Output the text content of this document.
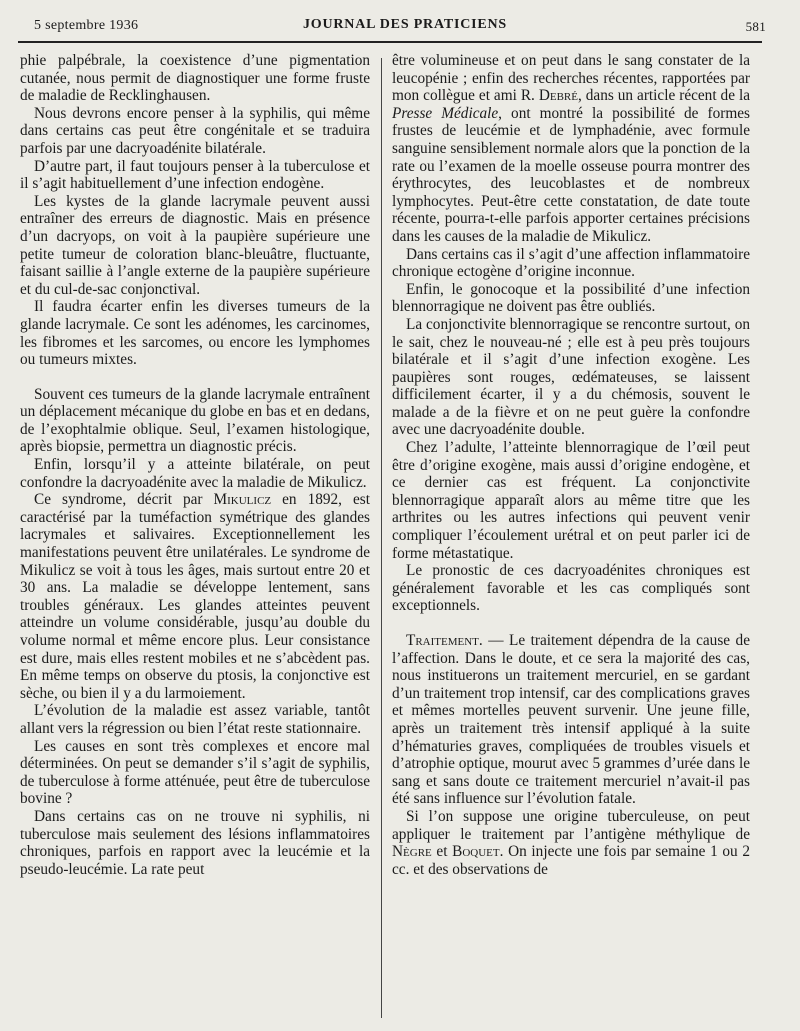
5 septembre 1936	JOURNAL DES PRATICIENS	581

phie palpébrale, la coexistence d’une pigmentation cutanée, nous permit de diagnostiquer une forme fruste de maladie de Recklinghausen.

Nous devrons encore penser à la syphilis, qui même dans certains cas peut être congénitale et se traduira parfois par une dacryoadénite bilatérale.

D’autre part, il faut toujours penser à la tuberculose et il s’agit habituellement d’une infection endogène.

Les kystes de la glande lacrymale peuvent aussi entraîner des erreurs de diagnostic. Mais en présence d’un dacryops, on voit à la paupière supérieure une petite tumeur de coloration blanc-bleuâtre, fluctuante, faisant saillie à l’angle externe de la paupière supérieure et du cul-de-sac conjonctival.

Il faudra écarter enfin les diverses tumeurs de la glande lacrymale. Ce sont les adénomes, les carcinomes, les fibromes et les sarcomes, ou encore les lymphomes ou tumeurs mixtes.

Souvent ces tumeurs de la glande lacrymale entraînent un déplacement mécanique du globe en bas et en dedans, de l’exophtalmie oblique. Seul, l’examen histologique, après biopsie, permettra un diagnostic précis.

Enfin, lorsqu’il y a atteinte bilatérale, on peut confondre la dacryoadénite avec la maladie de Mikulicz.

Ce syndrome, décrit par Mikulicz en 1892, est caractérisé par la tuméfaction symétrique des glandes lacrymales et salivaires. Exceptionnellement les manifestations peuvent être unilatérales. Le syndrome de Mikulicz se voit à tous les âges, mais surtout entre 20 et 30 ans. La maladie se développe lentement, sans troubles généraux. Les glandes atteintes peuvent atteindre un volume considérable, jusqu’au double du volume normal et même encore plus. Leur consistance est dure, mais elles restent mobiles et ne s’abcèdent pas. En même temps on observe du ptosis, la conjonctive est sèche, ou bien il y a du larmoiement.

L’évolution de la maladie est assez variable, tantôt allant vers la régression ou bien l’état reste stationnaire.

Les causes en sont très complexes et encore mal déterminées. On peut se demander s’il s’agit de syphilis, de tuberculose à forme atténuée, peut être de tuberculose bovine ?

Dans certains cas on ne trouve ni syphilis, ni tuberculose mais seulement des lésions inflammatoires chroniques, parfois en rapport avec la leucémie et la pseudo-leucémie. La rate peut

être volumineuse et on peut dans le sang constater de la leucopénie ; enfin des recherches récentes, rapportées par mon collègue et ami R. Debré, dans un article récent de la Presse Médicale, ont montré la possibilité de formes frustes de leucémie et de lymphadénie, avec formule sanguine sensiblement normale alors que la ponction de la rate ou l’examen de la moelle osseuse pourra montrer des érythrocytes, des leucoblastes et de nombreux lymphocytes. Peut-être cette constatation, de date toute récente, pourra-t-elle parfois apporter certaines précisions dans les causes de la maladie de Mikulicz.

Dans certains cas il s’agit d’une affection inflammatoire chronique ectogène d’origine inconnue.

Enfin, le gonocoque et la possibilité d’une infection blennorragique ne doivent pas être oubliés.

La conjonctivite blennorragique se rencontre surtout, on le sait, chez le nouveau-né ; elle est à peu près toujours bilatérale et il s’agit d’une infection exogène. Les paupières sont rouges, œdémateuses, se laissent difficilement écarter, il y a du chémosis, souvent le malade a de la fièvre et on ne peut guère la confondre avec une dacryoadénite double.

Chez l’adulte, l’atteinte blennorragique de l’œil peut être d’origine exogène, mais aussi d’origine endogène, et ce dernier cas est fréquent. La conjonctivite blennorragique apparaît alors au même titre que les arthrites ou les autres infections qui peuvent venir compliquer l’écoulement urétral et on peut parler ici de forme métastatique.

Le pronostic de ces dacryoadénites chroniques est généralement favorable et les cas compliqués sont exceptionnels.

Traitement. — Le traitement dépendra de la cause de l’affection. Dans le doute, et ce sera la majorité des cas, nous instituerons un traitement mercuriel, en se gardant d’un traitement trop intensif, car des complications graves et mêmes mortelles peuvent survenir. Une jeune fille, après un traitement très intensif appliqué à la suite d’hématuries graves, compliquées de troubles visuels et d’atrophie optique, mourut avec 5 grammes d’urée dans le sang et sans doute ce traitement mercuriel n’avait-il pas été sans influence sur l’évolution fatale.

Si l’on suppose une origine tuberculeuse, on peut appliquer le traitement par l’antigène méthylique de Nègre et Boquet. On injecte une fois par semaine 1 ou 2 cc. et des observations de
